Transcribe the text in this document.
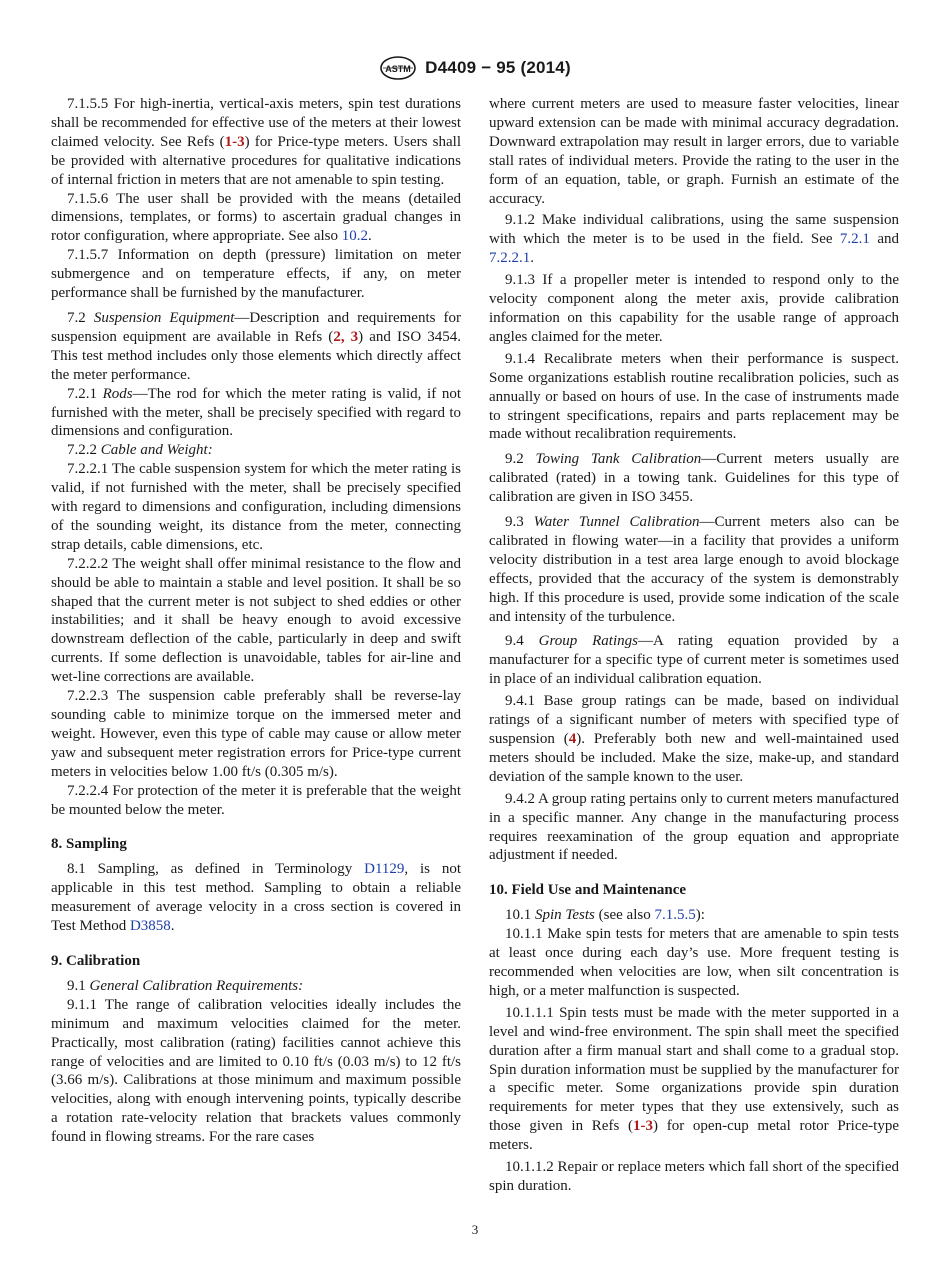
ASTM D4409 − 95 (2014)

7.1.5.5 For high-inertia, vertical-axis meters, spin test durations shall be recommended for effective use of the meters at their lowest claimed velocity. See Refs (1-3) for Price-type meters. Users shall be provided with alternative procedures for qualitative indications of internal friction in meters that are not amenable to spin testing.

7.1.5.6 The user shall be provided with the means (detailed dimensions, templates, or forms) to ascertain gradual changes in rotor configuration, where appropriate. See also 10.2.

7.1.5.7 Information on depth (pressure) limitation on meter submergence and on temperature effects, if any, on meter performance shall be furnished by the manufacturer.

7.2 Suspension Equipment—Description and requirements for suspension equipment are available in Refs (2, 3) and ISO 3454. This test method includes only those elements which directly affect the meter performance.

7.2.1 Rods—The rod for which the meter rating is valid, if not furnished with the meter, shall be precisely specified with regard to dimensions and configuration.

7.2.2 Cable and Weight:

7.2.2.1 The cable suspension system for which the meter rating is valid, if not furnished with the meter, shall be precisely specified with regard to dimensions and configuration, including dimensions of the sounding weight, its distance from the meter, connecting strap details, cable dimensions, etc.

7.2.2.2 The weight shall offer minimal resistance to the flow and should be able to maintain a stable and level position. It shall be so shaped that the current meter is not subject to shed eddies or other instabilities; and it shall be heavy enough to avoid excessive downstream deflection of the cable, particularly in deep and swift currents. If some deflection is unavoidable, tables for air-line and wet-line corrections are available.

7.2.2.3 The suspension cable preferably shall be reverse-lay sounding cable to minimize torque on the immersed meter and weight. However, even this type of cable may cause or allow meter yaw and subsequent meter registration errors for Price-type current meters in velocities below 1.00 ft/s (0.305 m/s).

7.2.2.4 For protection of the meter it is preferable that the weight be mounted below the meter.

8. Sampling

8.1 Sampling, as defined in Terminology D1129, is not applicable in this test method. Sampling to obtain a reliable measurement of average velocity in a cross section is covered in Test Method D3858.

9. Calibration

9.1 General Calibration Requirements:

9.1.1 The range of calibration velocities ideally includes the minimum and maximum velocities claimed for the meter. Practically, most calibration (rating) facilities cannot achieve this range of velocities and are limited to 0.10 ft/s (0.03 m/s) to 12 ft/s (3.66 m/s). Calibrations at those minimum and maximum possible velocities, along with enough intervening points, typically describe a rotation rate-velocity relation that brackets values commonly found in flowing streams. For the rare cases

where current meters are used to measure faster velocities, linear upward extension can be made with minimal accuracy degradation. Downward extrapolation may result in larger errors, due to variable stall rates of individual meters. Provide the rating to the user in the form of an equation, table, or graph. Furnish an estimate of the accuracy.

9.1.2 Make individual calibrations, using the same suspension with which the meter is to be used in the field. See 7.2.1 and 7.2.2.1.

9.1.3 If a propeller meter is intended to respond only to the velocity component along the meter axis, provide calibration information on this capability for the usable range of approach angles claimed for the meter.

9.1.4 Recalibrate meters when their performance is suspect. Some organizations establish routine recalibration policies, such as annually or based on hours of use. In the case of instruments made to stringent specifications, repairs and parts replacement may be made without recalibration requirements.

9.2 Towing Tank Calibration—Current meters usually are calibrated (rated) in a towing tank. Guidelines for this type of calibration are given in ISO 3455.

9.3 Water Tunnel Calibration—Current meters also can be calibrated in flowing water—in a facility that provides a uniform velocity distribution in a test area large enough to avoid blockage effects, provided that the accuracy of the system is demonstrably high. If this procedure is used, provide some indication of the scale and intensity of the turbulence.

9.4 Group Ratings—A rating equation provided by a manufacturer for a specific type of current meter is sometimes used in place of an individual calibration equation.

9.4.1 Base group ratings can be made, based on individual ratings of a significant number of meters with specified type of suspension (4). Preferably both new and well-maintained used meters should be included. Make the size, make-up, and standard deviation of the sample known to the user.

9.4.2 A group rating pertains only to current meters manufactured in a specific manner. Any change in the manufacturing process requires reexamination of the group equation and appropriate adjustment if needed.

10. Field Use and Maintenance

10.1 Spin Tests (see also 7.1.5.5):

10.1.1 Make spin tests for meters that are amenable to spin tests at least once during each day’s use. More frequent testing is recommended when velocities are low, when silt concentration is high, or a meter malfunction is suspected.

10.1.1.1 Spin tests must be made with the meter supported in a level and wind-free environment. The spin shall meet the specified duration after a firm manual start and shall come to a gradual stop. Spin duration information must be supplied by the manufacturer for a specific meter. Some organizations provide spin duration requirements for meter types that they use extensively, such as those given in Refs (1-3) for open-cup metal rotor Price-type meters.

10.1.1.2 Repair or replace meters which fall short of the specified spin duration.

3
